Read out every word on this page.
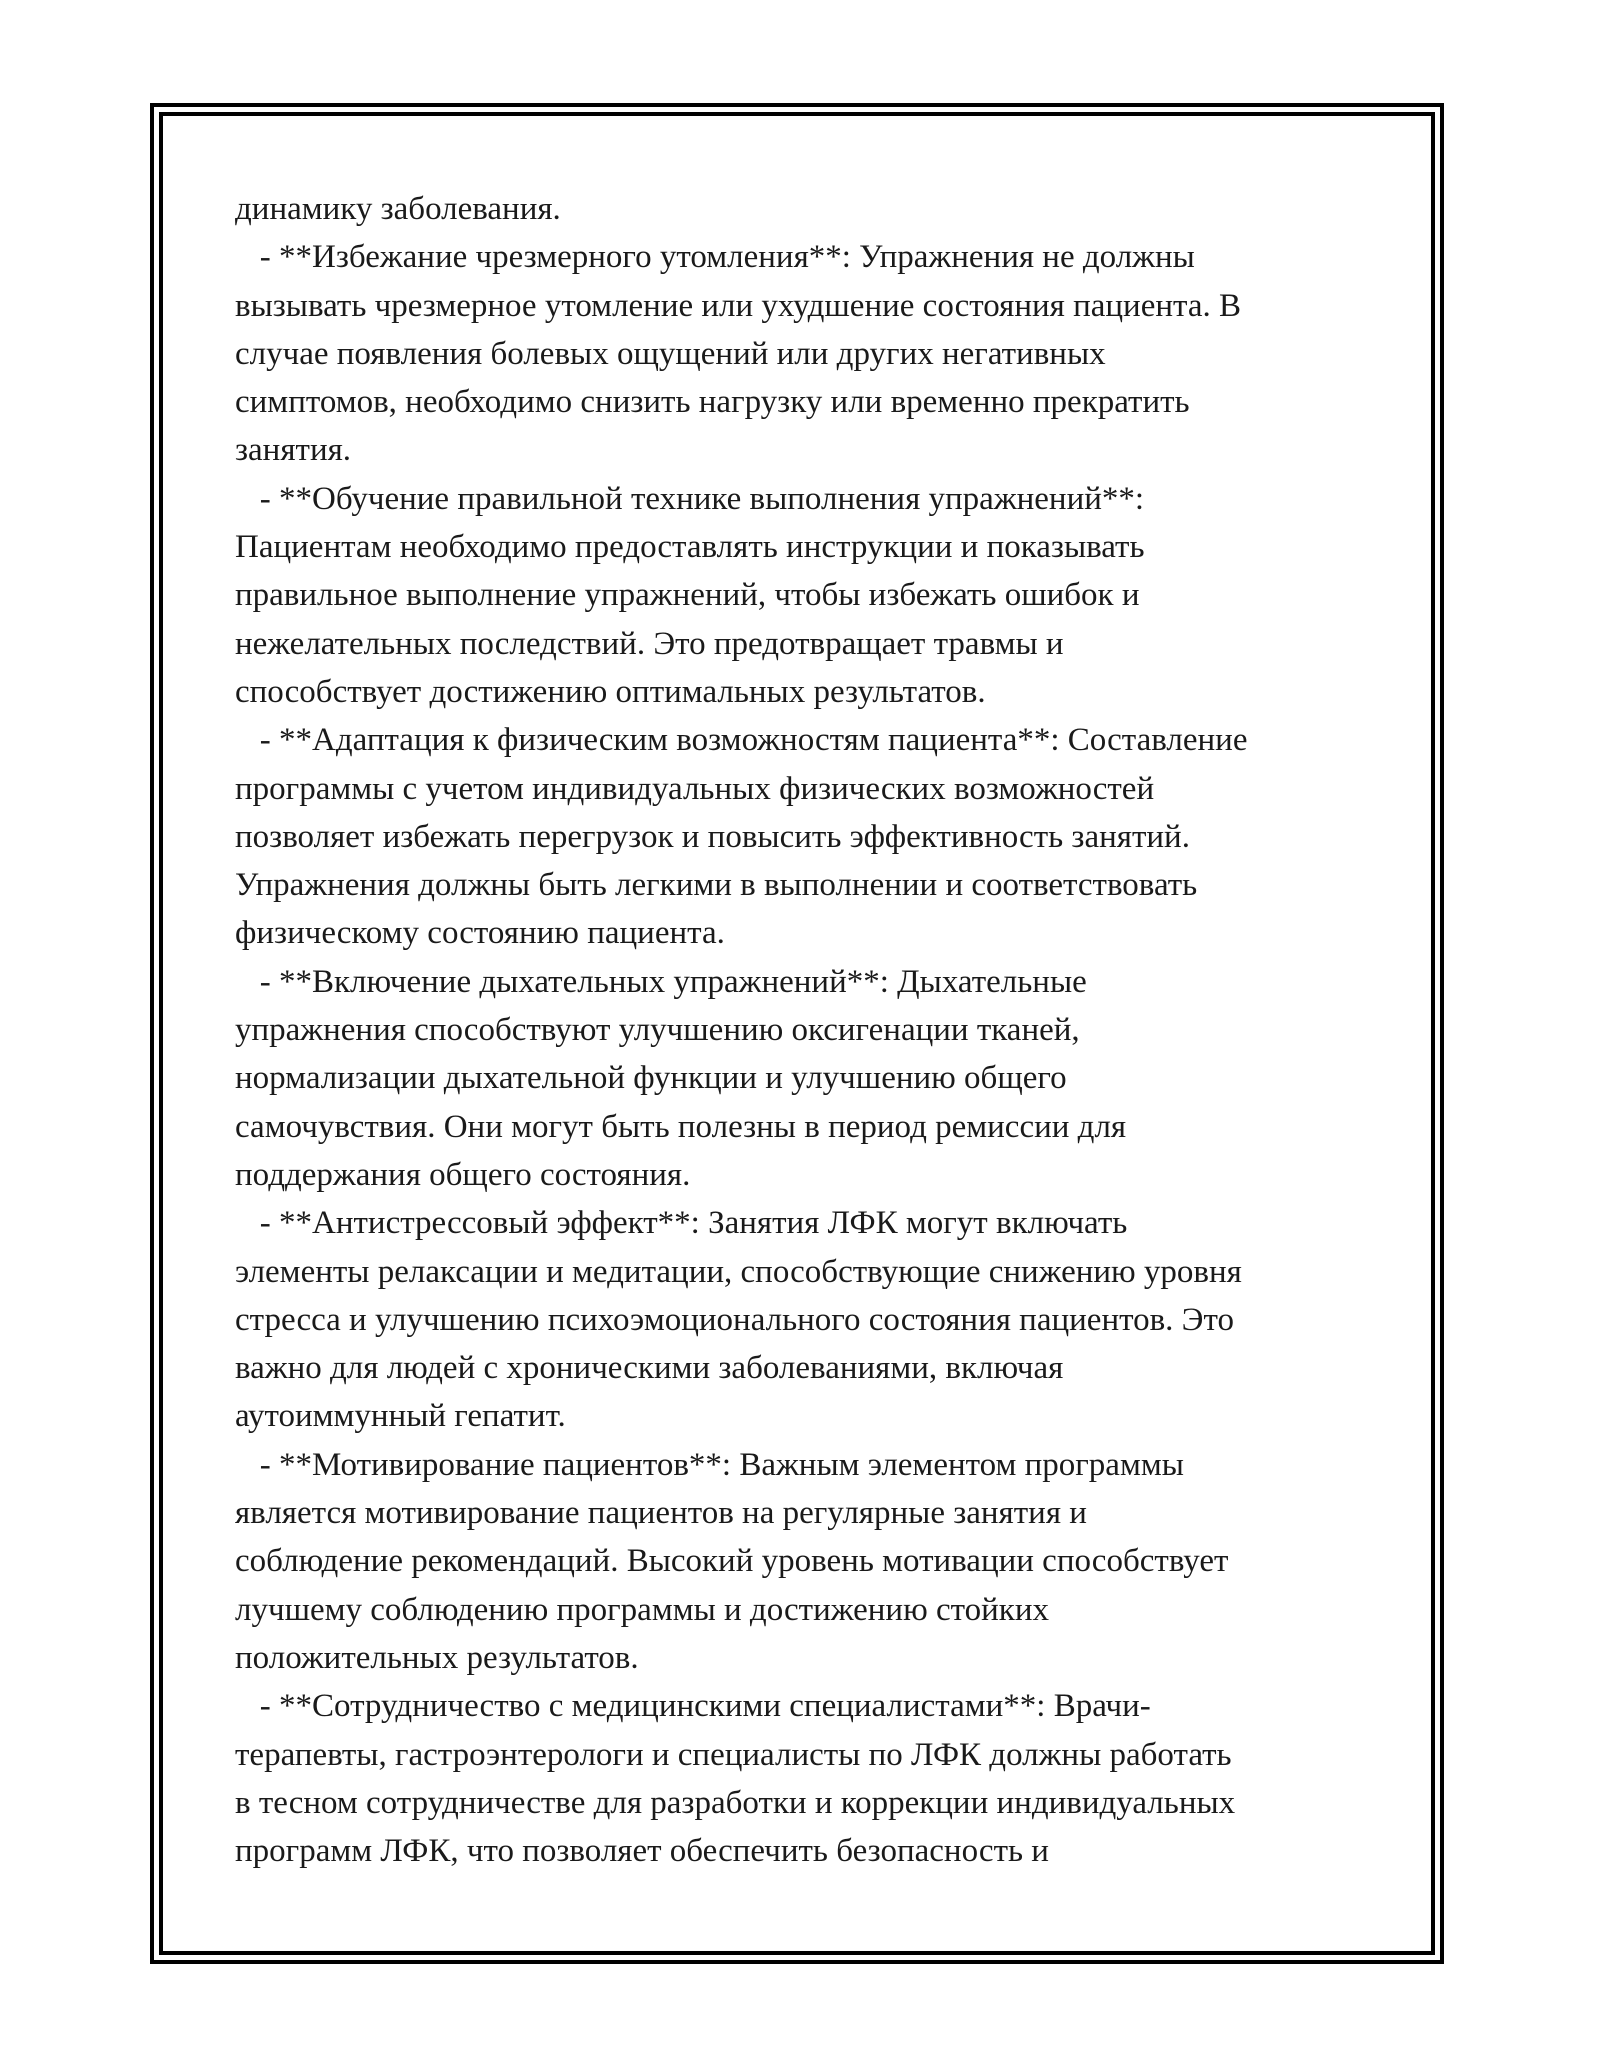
динамику заболевания.
- **Избежание чрезмерного утомления**: Упражнения не должны
вызывать чрезмерное утомление или ухудшение состояния пациента. В
случае появления болевых ощущений или других негативных
симптомов, необходимо снизить нагрузку или временно прекратить
занятия.
- **Обучение правильной технике выполнения упражнений**:
Пациентам необходимо предоставлять инструкции и показывать
правильное выполнение упражнений, чтобы избежать ошибок и
нежелательных последствий. Это предотвращает травмы и
способствует достижению оптимальных результатов.
- **Адаптация к физическим возможностям пациента**: Составление
программы с учетом индивидуальных физических возможностей
позволяет избежать перегрузок и повысить эффективность занятий.
Упражнения должны быть легкими в выполнении и соответствовать
физическому состоянию пациента.
- **Включение дыхательных упражнений**: Дыхательные
упражнения способствуют улучшению оксигенации тканей,
нормализации дыхательной функции и улучшению общего
самочувствия. Они могут быть полезны в период ремиссии для
поддержания общего состояния.
- **Антистрессовый эффект**: Занятия ЛФК могут включать
элементы релаксации и медитации, способствующие снижению уровня
стресса и улучшению психоэмоционального состояния пациентов. Это
важно для людей с хроническими заболеваниями, включая
аутоиммунный гепатит.
- **Мотивирование пациентов**: Важным элементом программы
является мотивирование пациентов на регулярные занятия и
соблюдение рекомендаций. Высокий уровень мотивации способствует
лучшему соблюдению программы и достижению стойких
положительных результатов.
- **Сотрудничество с медицинскими специалистами**: Врачи-
терапевты, гастроэнтерологи и специалисты по ЛФК должны работать
в тесном сотрудничестве для разработки и коррекции индивидуальных
программ ЛФК, что позволяет обеспечить безопасность и
